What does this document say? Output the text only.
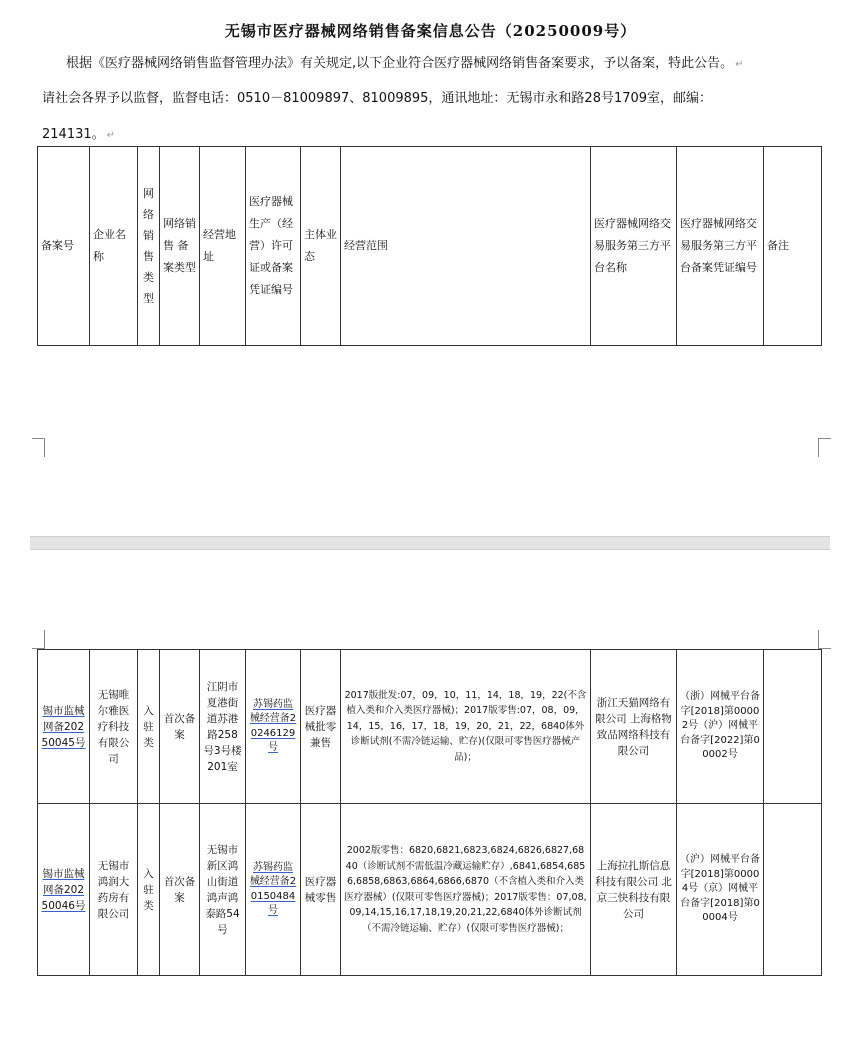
无锡市医疗器械网络销售备案信息公告（20250009号）
根据《医疗器械网络销售监督管理办法》有关规定,以下企业符合医疗器械网络销售备案要求，予以备案，特此公告。 ↵
请社会各界予以监督，监督电话：0510－81009897、81009895，通讯地址：无锡市永和路28号1709室，邮编：
214131。 ↵
备案号	企业名称	网络销售类型	网络销售 备案类型	经营地址	医疗器械生产（经营）许可证或备案凭证编号	主体业态	经营范围	医疗器械网络交易服务第三方平台名称	医疗器械网络交易服务第三方平台备案凭证编号	备注
锡市监械网备20250045号	无锡唯尔雅医疗科技有限公司	入驻类	首次备案	江阴市夏港街道苏港路258号3号楼201室	苏锡药监械经营备20246129号	医疗器械批零兼售	2017版批发:07，09，10，11，14，18，19，22(不含植入类和介入类医疗器械)；2017版零售:07，08，09，14，15，16，17，18，19，20，21，22，6840体外诊断试剂(不需冷链运输、贮存)(仅限可零售医疗器械产品)；	浙江天猫网络有限公司 上海格物致品网络科技有限公司	（浙）网械平台备字[2018]第00002号（沪）网械平台备字[2022]第00002号	
锡市监械网备20250046号	无锡市鸿润大药房有限公司	入驻类	首次备案	无锡市新区鸿山街道鸿声鸿泰路54号	苏锡药监械经营备20150484号	医疗器械零售	2002版零售：6820,6821,6823,6824,6826,6827,6840（诊断试剂不需低温冷藏运输贮存）,6841,6854,6856,6858,6863,6864,6866,6870（不含植入类和介入类医疗器械）(仅限可零售医疗器械)；2017版零售：07,08,09,14,15,16,17,18,19,20,21,22,6840体外诊断试剂（不需冷链运输、贮存）(仅限可零售医疗器械)；	上海拉扎斯信息科技有限公司 北京三快科技有限公司	（沪）网械平台备字[2018]第00004号（京）网械平台备字[2018]第00004号	
